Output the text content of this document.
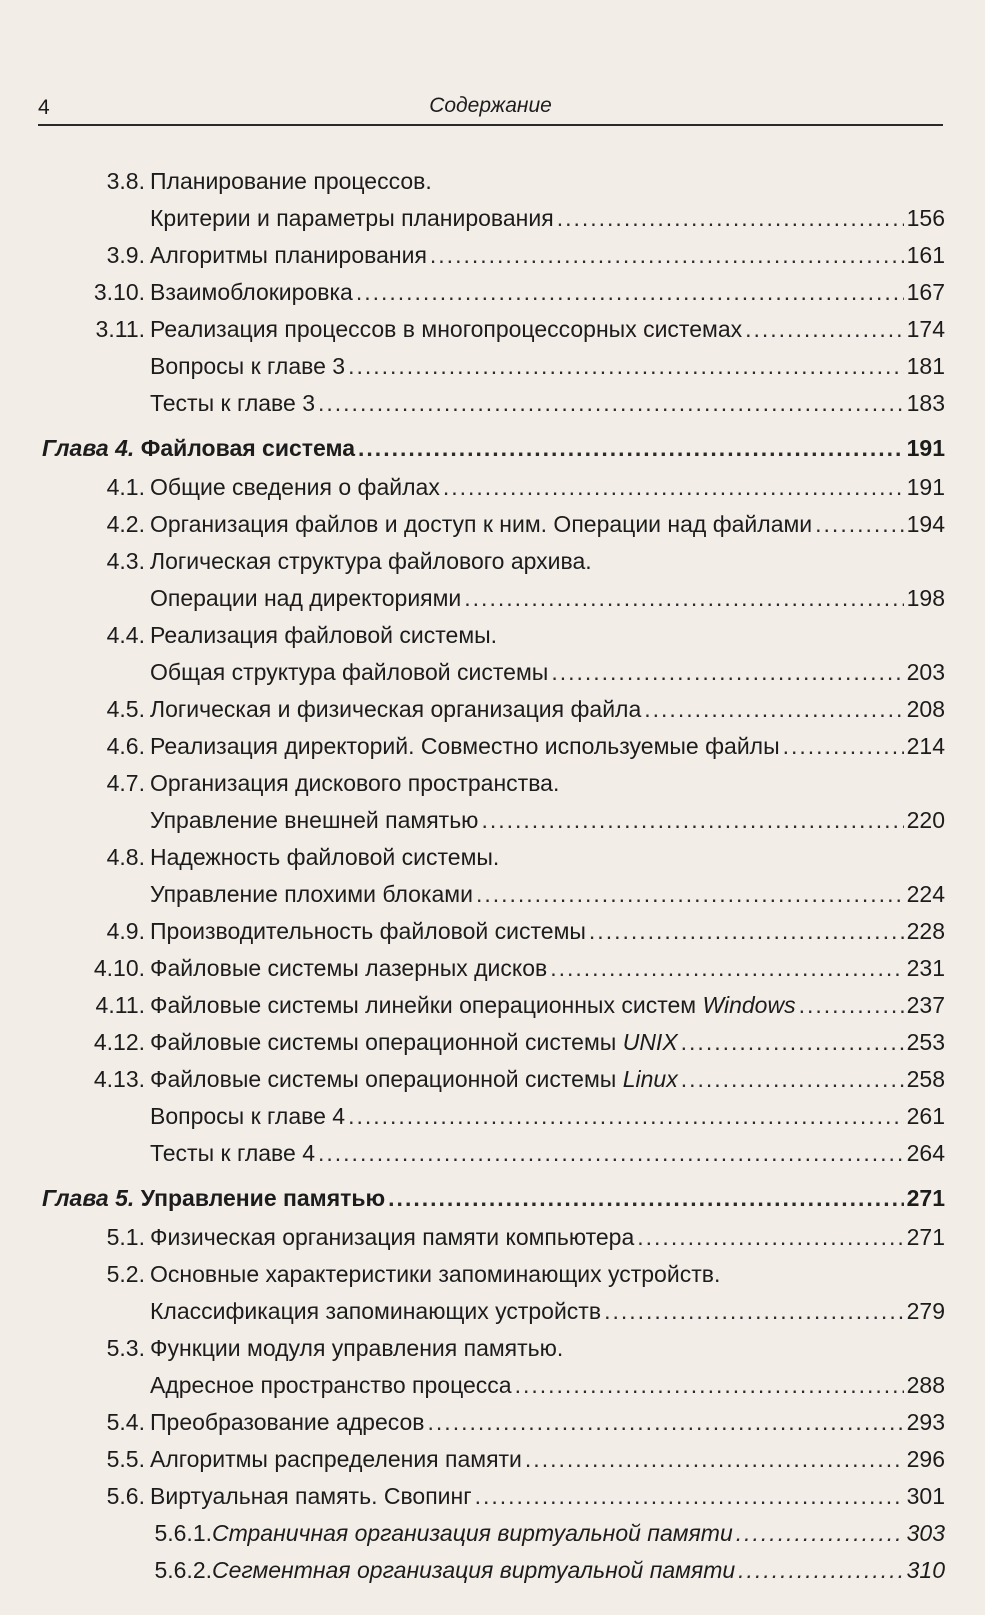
4	Содержание
3.8. Планирование процессов.
Критерии и параметры планирования .....	156
3.9. Алгоритмы планирования .....	161
3.10. Взаимоблокировка .....	167
3.11. Реализация процессов в многопроцессорных системах .....	174
Вопросы к главе 3 .....	181
Тесты к главе 3 .....	183
Глава 4. Файловая система .....	191
4.1. Общие сведения о файлах .....	191
4.2. Организация файлов и доступ к ним. Операции над файлами .....	194
4.3. Логическая структура файлового архива.
Операции над директориями .....	198
4.4. Реализация файловой системы.
Общая структура файловой системы .....	203
4.5. Логическая и физическая организация файла .....	208
4.6. Реализация директорий. Совместно используемые файлы .....	214
4.7. Организация дискового пространства.
Управление внешней памятью .....	220
4.8. Надежность файловой системы.
Управление плохими блоками .....	224
4.9. Производительность файловой системы .....	228
4.10. Файловые системы лазерных дисков .....	231
4.11. Файловые системы линейки операционных систем Windows .....	237
4.12. Файловые системы операционной системы UNIX .....	253
4.13. Файловые системы операционной системы Linux .....	258
Вопросы к главе 4 .....	261
Тесты к главе 4 .....	264
Глава 5. Управление памятью .....	271
5.1. Физическая организация памяти компьютера .....	271
5.2. Основные характеристики запоминающих устройств.
Классификация запоминающих устройств .....	279
5.3. Функции модуля управления памятью.
Адресное пространство процесса .....	288
5.4. Преобразование адресов .....	293
5.5. Алгоритмы распределения памяти .....	296
5.6. Виртуальная память. Свопинг .....	301
5.6.1. Страничная организация виртуальной памяти .....	303
5.6.2. Сегментная организация виртуальной памяти .....	310
